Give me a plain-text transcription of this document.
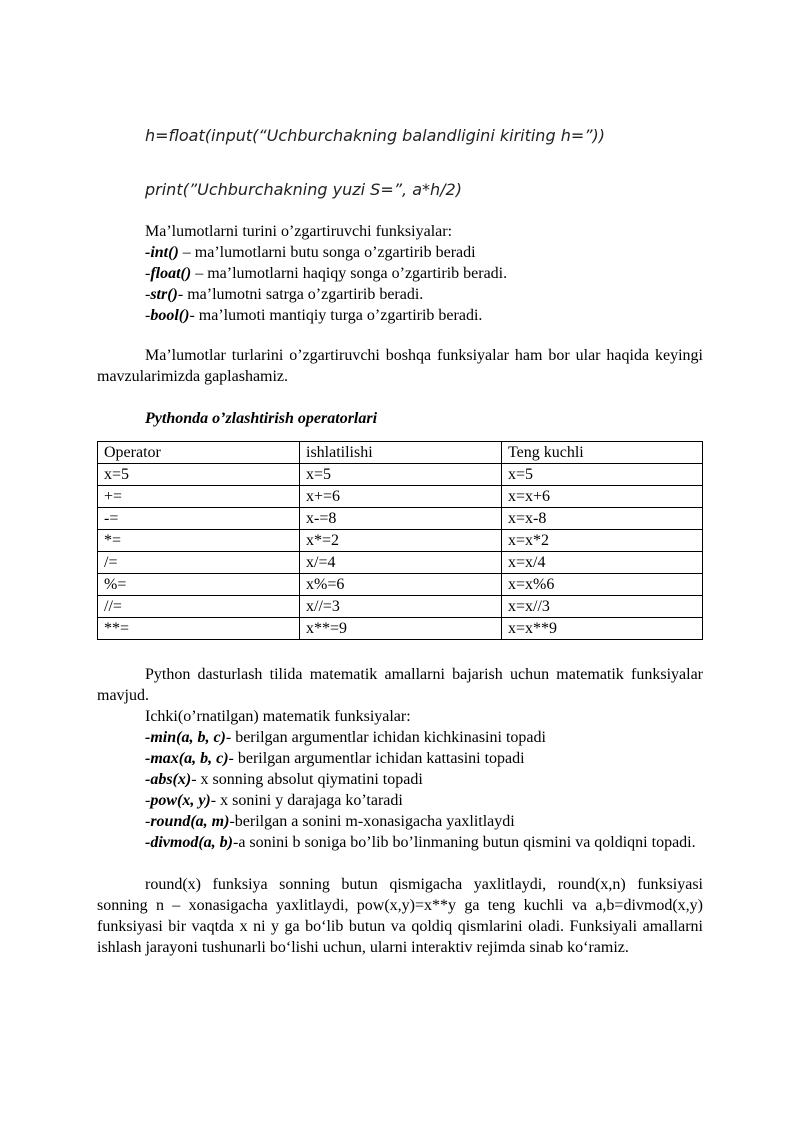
h=float(input(“Uchburchakning balandligini kiriting h=”))

print(”Uchburchakning yuzi S=”, a*h/2)

Ma’lumotlarni turini o’zgartiruvchi funksiyalar:

-int() – ma’lumotlarni butu songa o’zgartirib beradi

-float() – ma’lumotlarni haqiqy songa o’zgartirib beradi.

-str()- ma’lumotni satrga o’zgartirib beradi.

-bool()- ma’lumoti mantiqiy turga o’zgartirib beradi.

Ma’lumotlar turlarini o’zgartiruvchi boshqa funksiyalar ham bor ular haqida keyingi mavzularimizda gaplashamiz.

Pythonda o’zlashtirish operatorlari

Operator	ishlatilishi	Teng kuchli
x=5	x=5	x=5
+=	x+=6	x=x+6
-=	x-=8	x=x-8
*=	x*=2	x=x*2
/=	x/=4	x=x/4
%=	x%=6	x=x%6
//=	x//=3	x=x//3
**=	x**=9	x=x**9

Python dasturlash tilida matematik amallarni bajarish uchun matematik funksiyalar mavjud.

Ichki(o’rnatilgan) matematik funksiyalar:

-min(a, b, c)- berilgan argumentlar ichidan kichkinasini topadi

-max(a, b, c)- berilgan argumentlar ichidan kattasini topadi

-abs(x)- x sonning absolut qiymatini topadi

-pow(x, y)- x sonini y darajaga ko’taradi

-round(a, m)-berilgan a sonini m-xonasigacha yaxlitlaydi

-divmod(a, b)-a sonini b soniga bo’lib bo’linmaning butun qismini va qoldiqni topadi.

round(x) funksiya sonning butun qismigacha yaxlitlaydi, round(x,n) funksiyasi sonning n – xonasigacha yaxlitlaydi, pow(x,y)=x**y ga teng kuchli va a,b=divmod(x,y) funksiyasi bir vaqtda x ni y ga bo‘lib butun va qoldiq qismlarini oladi. Funksiyali amallarni ishlash jarayoni tushunarli bo‘lishi uchun, ularni interaktiv rejimda sinab ko‘ramiz.
